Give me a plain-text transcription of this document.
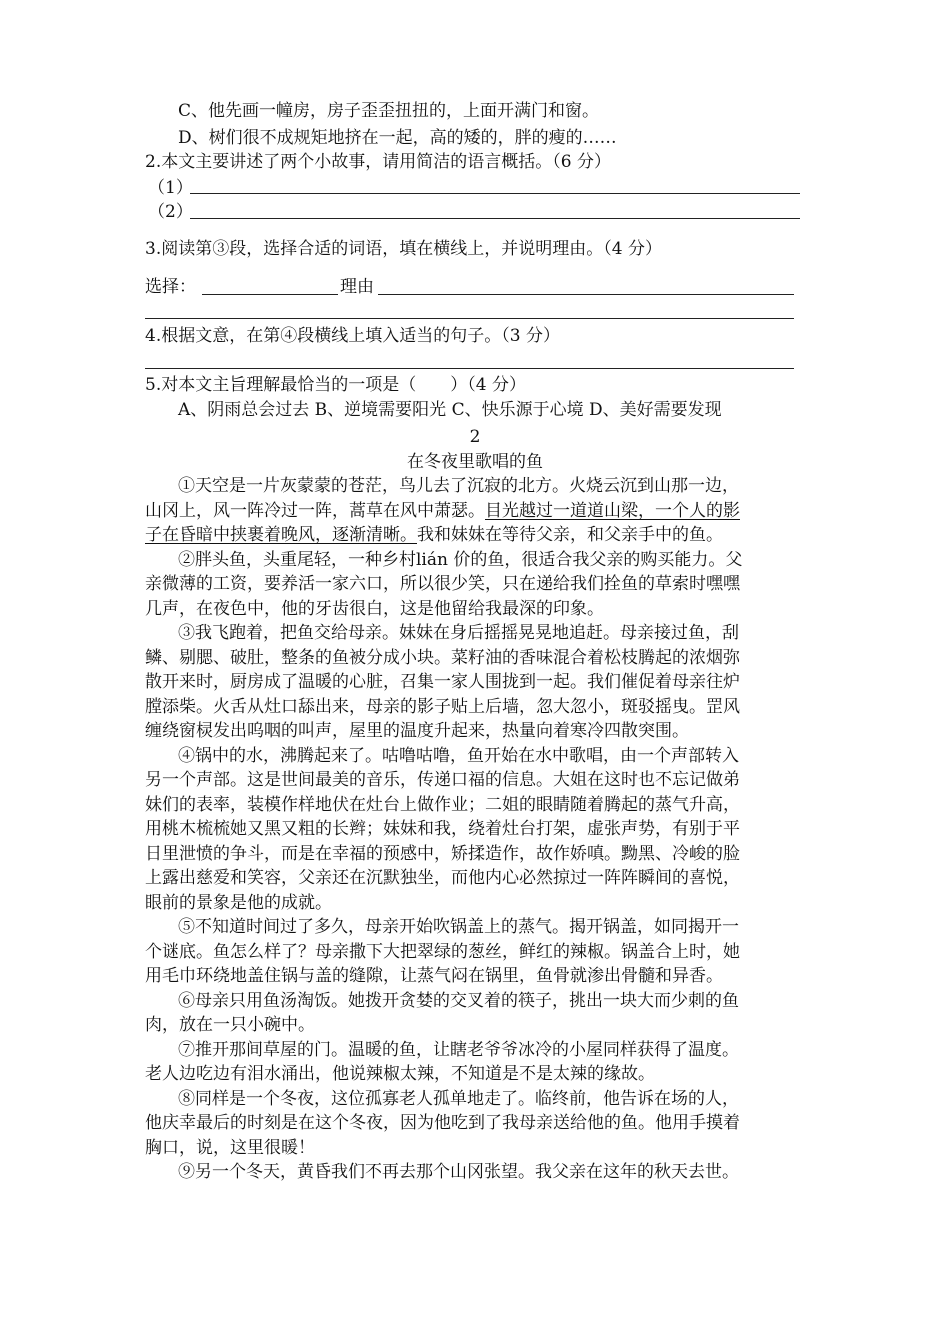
C、他先画一幢房，房子歪歪扭扭的，上面开满门和窗。
D、树们很不成规矩地挤在一起，高的矮的，胖的瘦的……
2.本文主要讲述了两个小故事，请用简洁的语言概括。（6 分）
（1）
（2）
3.阅读第③段，选择合适的词语，填在横线上，并说明理由。（4 分）
选择：	理由
4.根据文意，在第④段横线上填入适当的句子。（3 分）
5.对本文主旨理解最恰当的一项是（　　）（4 分）
A、阴雨总会过去 B、逆境需要阳光 C、快乐源于心境 D、美好需要发现
2
在冬夜里歌唱的鱼
①天空是一片灰蒙蒙的苍茫，鸟儿去了沉寂的北方。火烧云沉到山那一边，
山冈上，风一阵冷过一阵，蒿草在风中萧瑟。目光越过一道道山梁，一个人的影
子在昏暗中挟裹着晚风，逐渐清晰。我和妹妹在等待父亲，和父亲手中的鱼。
②胖头鱼，头重尾轻，一种乡村lián 价的鱼，很适合我父亲的购买能力。父
亲微薄的工资，要养活一家六口，所以很少笑，只在递给我们拴鱼的草索时嘿嘿
几声，在夜色中，他的牙齿很白，这是他留给我最深的印象。
③我飞跑着，把鱼交给母亲。妹妹在身后摇摇晃晃地追赶。母亲接过鱼，刮
鳞、剔腮、破肚，整条的鱼被分成小块。菜籽油的香味混合着松枝腾起的浓烟弥
散开来时，厨房成了温暖的心脏，召集一家人围拢到一起。我们催促着母亲往炉
膛添柴。火舌从灶口舔出来，母亲的影子贴上后墙，忽大忽小，斑驳摇曳。罡风
缠绕窗棂发出呜咽的叫声，屋里的温度升起来，热量向着寒冷四散突围。
④锅中的水，沸腾起来了。咕噜咕噜，鱼开始在水中歌唱，由一个声部转入
另一个声部。这是世间最美的音乐，传递口福的信息。大姐在这时也不忘记做弟
妹们的表率，装模作样地伏在灶台上做作业；二姐的眼睛随着腾起的蒸气升高，
用桃木梳梳她又黑又粗的长辫；妹妹和我，绕着灶台打架，虚张声势，有别于平
日里泄愤的争斗，而是在幸福的预感中，矫揉造作，故作娇嗔。黝黑、冷峻的脸
上露出慈爱和笑容，父亲还在沉默独坐，而他内心必然掠过一阵阵瞬间的喜悦，
眼前的景象是他的成就。
⑤不知道时间过了多久，母亲开始吹锅盖上的蒸气。揭开锅盖，如同揭开一
个谜底。鱼怎么样了？母亲撒下大把翠绿的葱丝，鲜红的辣椒。锅盖合上时，她
用毛巾环绕地盖住锅与盖的缝隙，让蒸气闷在锅里，鱼骨就渗出骨髓和异香。
⑥母亲只用鱼汤淘饭。她拨开贪婪的交叉着的筷子，挑出一块大而少刺的鱼
肉，放在一只小碗中。
⑦推开那间草屋的门。温暖的鱼，让瞎老爷爷冰冷的小屋同样获得了温度。
老人边吃边有泪水涌出，他说辣椒太辣，不知道是不是太辣的缘故。
⑧同样是一个冬夜，这位孤寡老人孤单地走了。临终前，他告诉在场的人，
他庆幸最后的时刻是在这个冬夜，因为他吃到了我母亲送给他的鱼。他用手摸着
胸口，说，这里很暖！
⑨另一个冬天，黄昏我们不再去那个山冈张望。我父亲在这年的秋天去世。
